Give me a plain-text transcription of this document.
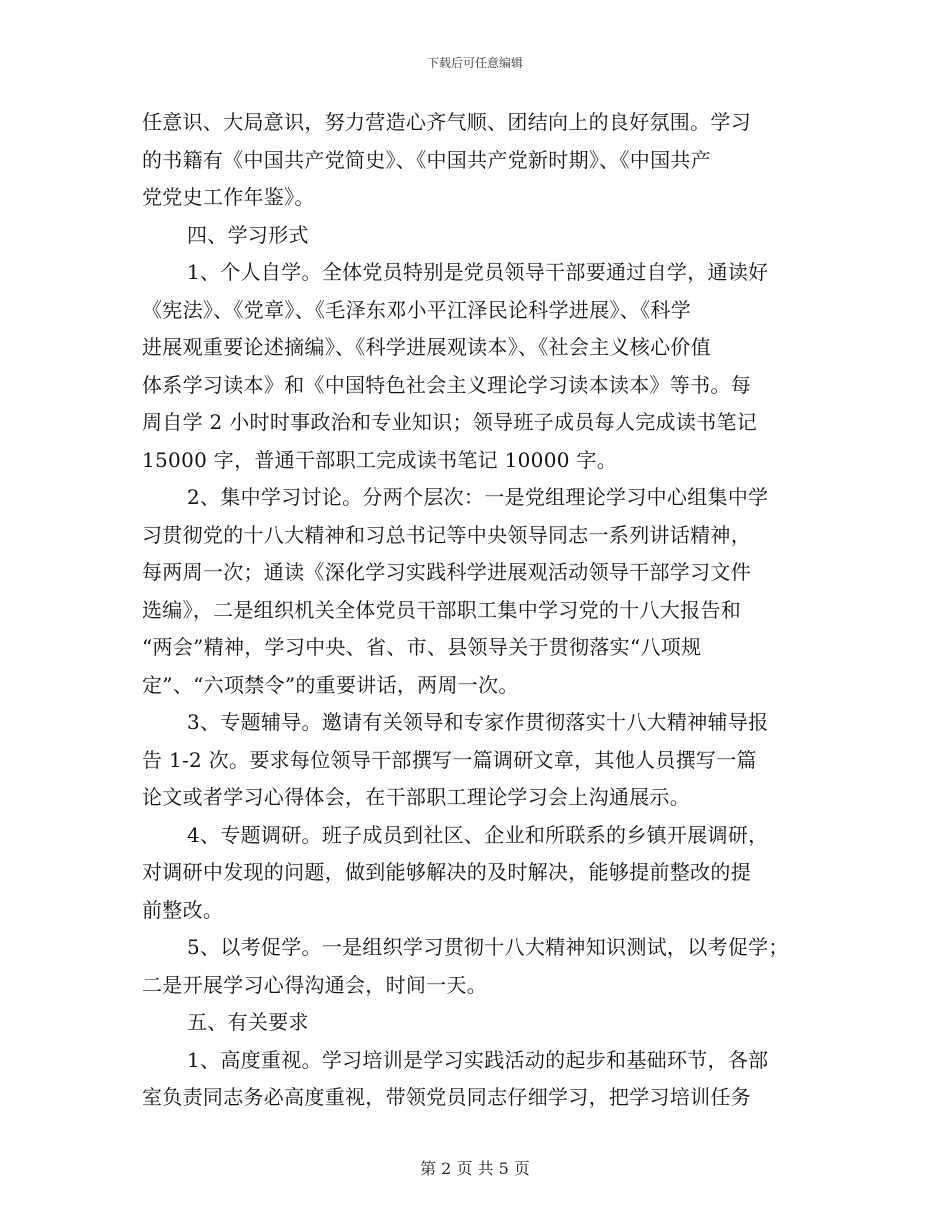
下载后可任意编辑
任意识、大局意识，努力营造心齐气顺、团结向上的良好氛围。学习
的书籍有《中国共产党简史》、《中国共产党新时期》、《中国共产
党党史工作年鉴》。
四、学习形式
1、个人自学。全体党员特别是党员领导干部要通过自学，通读好
《宪法》、《党章》、《毛泽东邓小平江泽民论科学进展》、《科学
进展观重要论述摘编》、《科学进展观读本》、《社会主义核心价值
体系学习读本》和《中国特色社会主义理论学习读本读本》等书。每
周自学 2 小时时事政治和专业知识；领导班子成员每人完成读书笔记
15000 字，普通干部职工完成读书笔记 10000 字。
2、集中学习讨论。分两个层次：一是党组理论学习中心组集中学
习贯彻党的十八大精神和习总书记等中央领导同志一系列讲话精神，
每两周一次；通读《深化学习实践科学进展观活动领导干部学习文件
选编》，二是组织机关全体党员干部职工集中学习党的十八大报告和
“两会”精神，学习中央、省、市、县领导关于贯彻落实“八项规
定”、“六项禁令”的重要讲话，两周一次。
3、专题辅导。邀请有关领导和专家作贯彻落实十八大精神辅导报
告 1-2 次。要求每位领导干部撰写一篇调研文章，其他人员撰写一篇
论文或者学习心得体会，在干部职工理论学习会上沟通展示。
4、专题调研。班子成员到社区、企业和所联系的乡镇开展调研，
对调研中发现的问题，做到能够解决的及时解决，能够提前整改的提
前整改。
5、以考促学。一是组织学习贯彻十八大精神知识测试，以考促学；
二是开展学习心得沟通会，时间一天。
五、有关要求
1、高度重视。学习培训是学习实践活动的起步和基础环节，各部
室负责同志务必高度重视，带领党员同志仔细学习，把学习培训任务
第 2 页 共 5 页
